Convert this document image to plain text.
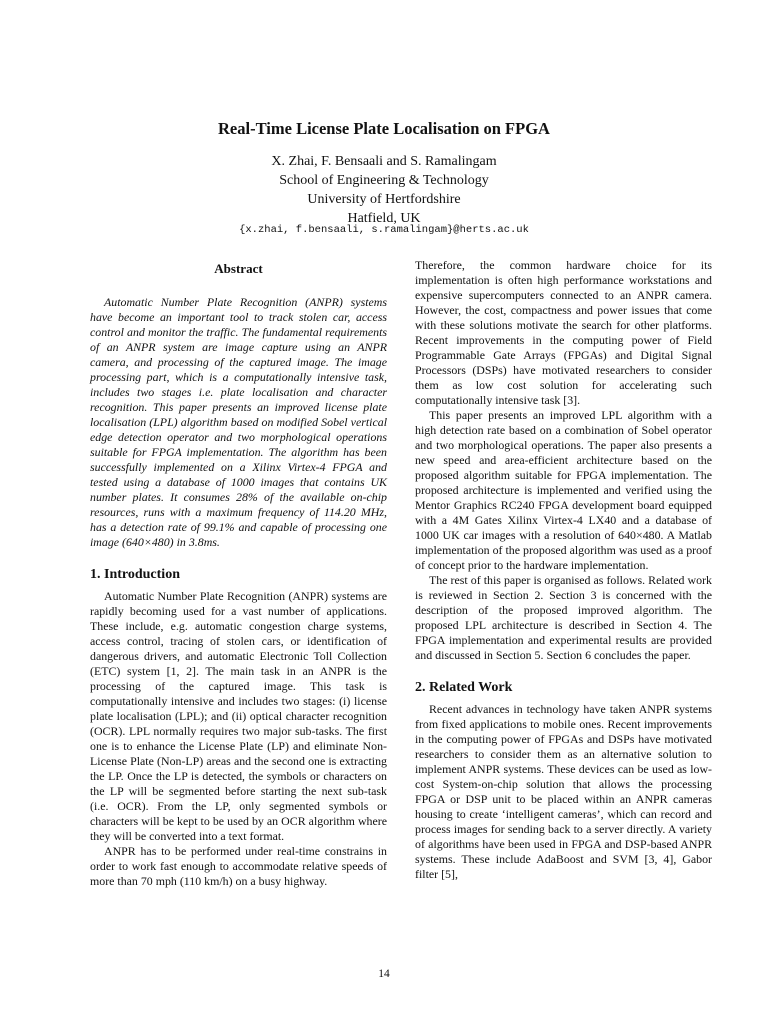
Real-Time License Plate Localisation on FPGA
X. Zhai, F. Bensaali and S. Ramalingam
School of Engineering & Technology
University of Hertfordshire
Hatfield, UK
{x.zhai, f.bensaali, s.ramalingam}@herts.ac.uk
Abstract

Automatic Number Plate Recognition (ANPR) systems have become an important tool to track stolen car, access control and monitor the traffic. The fundamental requirements of an ANPR system are image capture using an ANPR camera, and processing of the captured image. The image processing part, which is a computationally intensive task, includes two stages i.e. plate localisation and character recognition. This paper presents an improved license plate localisation (LPL) algorithm based on modified Sobel vertical edge detection operator and two morphological operations suitable for FPGA implementation. The algorithm has been successfully implemented on a Xilinx Virtex-4 FPGA and tested using a database of 1000 images that contains UK number plates. It consumes 28% of the available on-chip resources, runs with a maximum frequency of 114.20 MHz, has a detection rate of 99.1% and capable of processing one image (640×480) in 3.8ms.

1. Introduction

Automatic Number Plate Recognition (ANPR) systems are rapidly becoming used for a vast number of applications. These include, e.g. automatic congestion charge systems, access control, tracing of stolen cars, or identification of dangerous drivers, and automatic Electronic Toll Collection (ETC) system [1, 2]. The main task in an ANPR is the processing of the captured image. This task is computationally intensive and includes two stages: (i) license plate localisation (LPL); and (ii) optical character recognition (OCR). LPL normally requires two major sub-tasks. The first one is to enhance the License Plate (LP) and eliminate Non-License Plate (Non-LP) areas and the second one is extracting the LP. Once the LP is detected, the symbols or characters on the LP will be segmented before starting the next sub-task (i.e. OCR). From the LP, only segmented symbols or characters will be kept to be used by an OCR algorithm where they will be converted into a text format.

ANPR has to be performed under real-time constrains in order to work fast enough to accommodate relative speeds of more than 70 mph (110 km/h) on a busy highway.

Therefore, the common hardware choice for its implementation is often high performance workstations and expensive supercomputers connected to an ANPR camera. However, the cost, compactness and power issues that come with these solutions motivate the search for other platforms. Recent improvements in the computing power of Field Programmable Gate Arrays (FPGAs) and Digital Signal Processors (DSPs) have motivated researchers to consider them as low cost solution for accelerating such computationally intensive task [3].

This paper presents an improved LPL algorithm with a high detection rate based on a combination of Sobel operator and two morphological operations. The paper also presents a new speed and area-efficient architecture based on the proposed algorithm suitable for FPGA implementation. The proposed architecture is implemented and verified using the Mentor Graphics RC240 FPGA development board equipped with a 4M Gates Xilinx Virtex-4 LX40 and a database of 1000 UK car images with a resolution of 640×480. A Matlab implementation of the proposed algorithm was used as a proof of concept prior to the hardware implementation.

The rest of this paper is organised as follows. Related work is reviewed in Section 2. Section 3 is concerned with the description of the proposed improved algorithm. The proposed LPL architecture is described in Section 4. The FPGA implementation and experimental results are provided and discussed in Section 5. Section 6 concludes the paper.

2. Related Work

Recent advances in technology have taken ANPR systems from fixed applications to mobile ones. Recent improvements in the computing power of FPGAs and DSPs have motivated researchers to consider them as an alternative solution to implement ANPR systems. These devices can be used as low-cost System-on-chip solution that allows the processing FPGA or DSP unit to be placed within an ANPR cameras housing to create ‘intelligent cameras’, which can record and process images for sending back to a server directly. A variety of algorithms have been used in FPGA and DSP-based ANPR systems. These include AdaBoost and SVM [3, 4], Gabor filter [5],

14
